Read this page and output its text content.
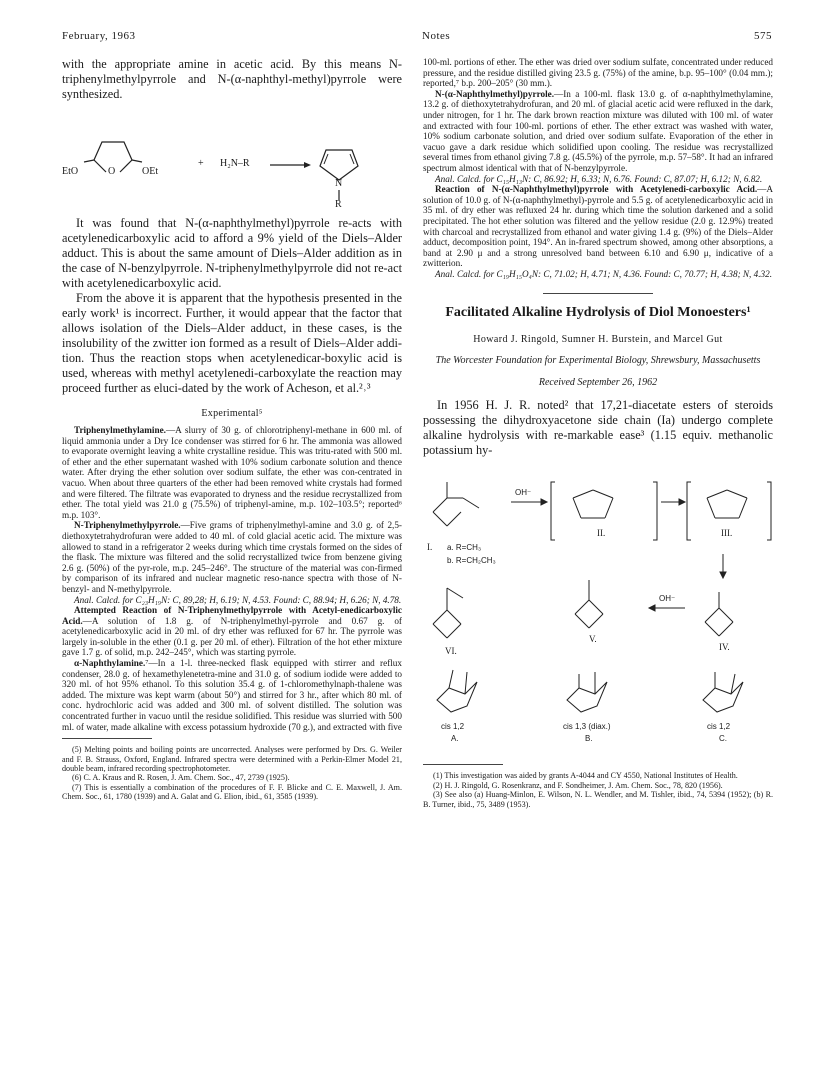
February, 1963	Notes	575

with the appropriate amine in acetic acid. By this means N-triphenylmethylpyrrole and N-(α-naphthyl-methyl)pyrrole were synthesized.

EtO	O	OEt
+ H₂N–R
N
R

It was found that N-(α-naphthylmethyl)pyrrole re-acts with acetylenedicarboxylic acid to afford a 9% yield of the Diels–Alder adduct. This is about the same amount of Diels–Alder addition as in the case of N-benzylpyrrole. N-triphenylmethylpyrrole did not re-act with acetylenedicarboxylic acid.

From the above it is apparent that the hypothesis presented in the early work¹ is incorrect. Further, it would appear that the factor that allows isolation of the Diels–Alder adduct, in these cases, is the insolubility of the zwitter ion formed as a result of Diels–Alder addi-tion. Thus the reaction stops when acetylenedicar-boxylic acid is used, whereas with methyl acetylenedi-carboxylate the reaction may proceed further as eluci-dated by the work of Acheson, et al.²˒³

Experimental⁵

Triphenylmethylamine.—A slurry of 30 g. of chlorotriphenyl-methane in 600 ml. of liquid ammonia under a Dry Ice condenser was stirred for 6 hr. The ammonia was allowed to evaporate overnight leaving a white crystalline residue. This was tritu-rated with 500 ml. of ether and the ether supernatant washed with 10% sodium carbonate solution and thence water. After drying the ether solution over sodium sulfate, the ether was con-centrated in vacuo. When about three quarters of the ether had been removed white crystals had formed and were filtered. The filtrate was evaporated to dryness and the residue recrystallized from ether. The total yield was 21.0 g (75.5%) of triphenyl-amine, m.p. 102–103.5°; reported⁶ m.p. 103°.

N-Triphenylmethylpyrrole.—Five grams of triphenylmethyl-amine and 3.0 g. of 2,5-diethoxytetrahydrofuran were added to 40 ml. of cold glacial acetic acid. The mixture was allowed to stand in a refrigerator 2 weeks during which time crystals formed on the sides of the flask. The mixture was filtered and the solid recrystallized twice from benzene giving 2.6 g. (50%) of the pyr-role, m.p. 245–246°. The structure of the material was con-firmed by comparison of its infrared and nuclear magnetic reso-nance spectra with those of N-benzyl- and N-methylpyrrole.

Anal. Calcd. for C₂₃H₁₉N: C, 89,28; H, 6.19; N, 4.53. Found: C, 88.94; H, 6.26; N, 4.78.

Attempted Reaction of N-Triphenylmethylpyrrole with Acetyl-enedicarboxylic Acid.—A solution of 1.8 g. of N-triphenylmethyl-pyrrole and 0.67 g. of acetylenedicarboxylic acid in 20 ml. of dry ether was refluxed for 67 hr. The pyrrole was largely in-soluble in the ether (0.1 g. per 20 ml. of ether). Filtration of the hot ether mixture gave 1.7 g. of solid, m.p. 242–245°, which was starting pyrrole.

α-Naphthylamine.⁷—In a 1-l. three-necked flask equipped with stirrer and reflux condenser, 28.0 g. of hexamethylenetetra-mine and 31.0 g. of sodium iodide were added to 320 ml. of hot 95% ethanol. To this solution 35.4 g. of 1-chloromethylnaph-thalene was added. The mixture was kept warm (about 50°) and stirred for 3 hr., after which 80 ml. of conc. hydrochloric acid was added and 300 ml. of solvent distilled. The solution was concentrated further in vacuo until the residue solidified. This residue was slurried with 500 ml. of water, made alkaline with excess potassium hydroxide (70 g.), and extracted with five

(5) Melting points and boiling points are uncorrected. Analyses were performed by Drs. G. Weiler and F. B. Strauss, Oxford, England. Infrared spectra were determined with a Perkin-Elmer Model 21, double beam, infrared recording spectrophotometer.

(6) C. A. Kraus and R. Rosen, J. Am. Chem. Soc., 47, 2739 (1925).

(7) This is essentially a combination of the procedures of F. F. Blicke and C. E. Maxwell, J. Am. Chem. Soc., 61, 1780 (1939) and A. Galat and G. Elion, ibid., 61, 3585 (1939).

100-ml. portions of ether. The ether was dried over sodium sulfate, concentrated under reduced pressure, and the residue distilled giving 23.5 g. (75%) of the amine, b.p. 95–100° (0.04 mm.); reported,⁷ b.p. 200–205° (30 mm.).

N-(α-Naphthylmethyl)pyrrole.—In a 100-ml. flask 13.0 g. of α-naphthylmethylamine, 13.2 g. of diethoxytetrahydrofuran, and 20 ml. of glacial acetic acid were refluxed in the dark, under nitrogen, for 1 hr. The dark brown reaction mixture was diluted with 100 ml. of water and extracted with four 100-ml. portions of ether. The ether extract was washed with water, 10% sodium carbonate solution, and dried over sodium sulfate. Evaporation of the ether in vacuo gave a dark residue which solidified upon cooling. The residue was recrystallized several times from ethanol giving 7.8 g. (45.5%) of the pyrrole, m.p. 57–58°. It had an infrared spectrum almost identical with that of N-benzylpyrrole.

Anal. Calcd. for C₁₅H₁₃N: C, 86.92; H, 6.33; N, 6.76. Found: C, 87.07; H, 6.12; N, 6.82.

Reaction of N-(α-Naphthylmethyl)pyrrole with Acetylenedi-carboxylic Acid.—A solution of 10.0 g. of N-(α-naphthylmethyl)-pyrrole and 5.5 g. of acetylenedicarboxylic acid in 35 ml. of dry ether was refluxed 24 hr. during which time the solution darkened and a solid precipitated. The hot ether solution was filtered and the yellow residue (2.0 g. 12.9%) treated with charcoal and recrystallized from ethanol and water giving 1.4 g. (9%) of the Diels–Alder adduct, decomposition point, 194°. An in-frared spectrum showed, among other absorptions, a band at 2.90 μ and a strong unresolved band between 6.10 and 6.90 μ, indicative of a zwitterion.

Anal. Calcd. for C₁₉H₁₅O₄N: C, 71.02; H, 4.71; N, 4.36. Found: C, 70.77; H, 4.38; N, 4.32.

Facilitated Alkaline Hydrolysis of Diol Monoesters¹
Howard J. Ringold, Sumner H. Burstein, and Marcel Gut
The Worcester Foundation for Experimental Biology, Shrewsbury, Massachusetts
Received September 26, 1962

In 1956 H. J. R. noted² that 17,21-diacetate esters of steroids possessing the dihydroxyacetone side chain (Ia) undergo complete alkaline hydrolysis with re-markable ease³ (1.15 equiv. methanolic potassium hy-

I. a. R=CH₃
b. R=CH₂CH₃
OH⁻
II.	III.
VI.
V.
OH⁻
IV.
cis 1,2
A.
cis 1,3 (diax.)
B.
cis 1,2
C.

(1) This investigation was aided by grants A-4044 and CY 4550, National Institutes of Health.

(2) H. J. Ringold, G. Rosenkranz, and F. Sondheimer, J. Am. Chem. Soc., 78, 820 (1956).

(3) See also (a) Huang-Minlon, E. Wilson, N. L. Wendler, and M. Tishler, ibid., 74, 5394 (1952); (b) R. B. Turner, ibid., 75, 3489 (1953).
